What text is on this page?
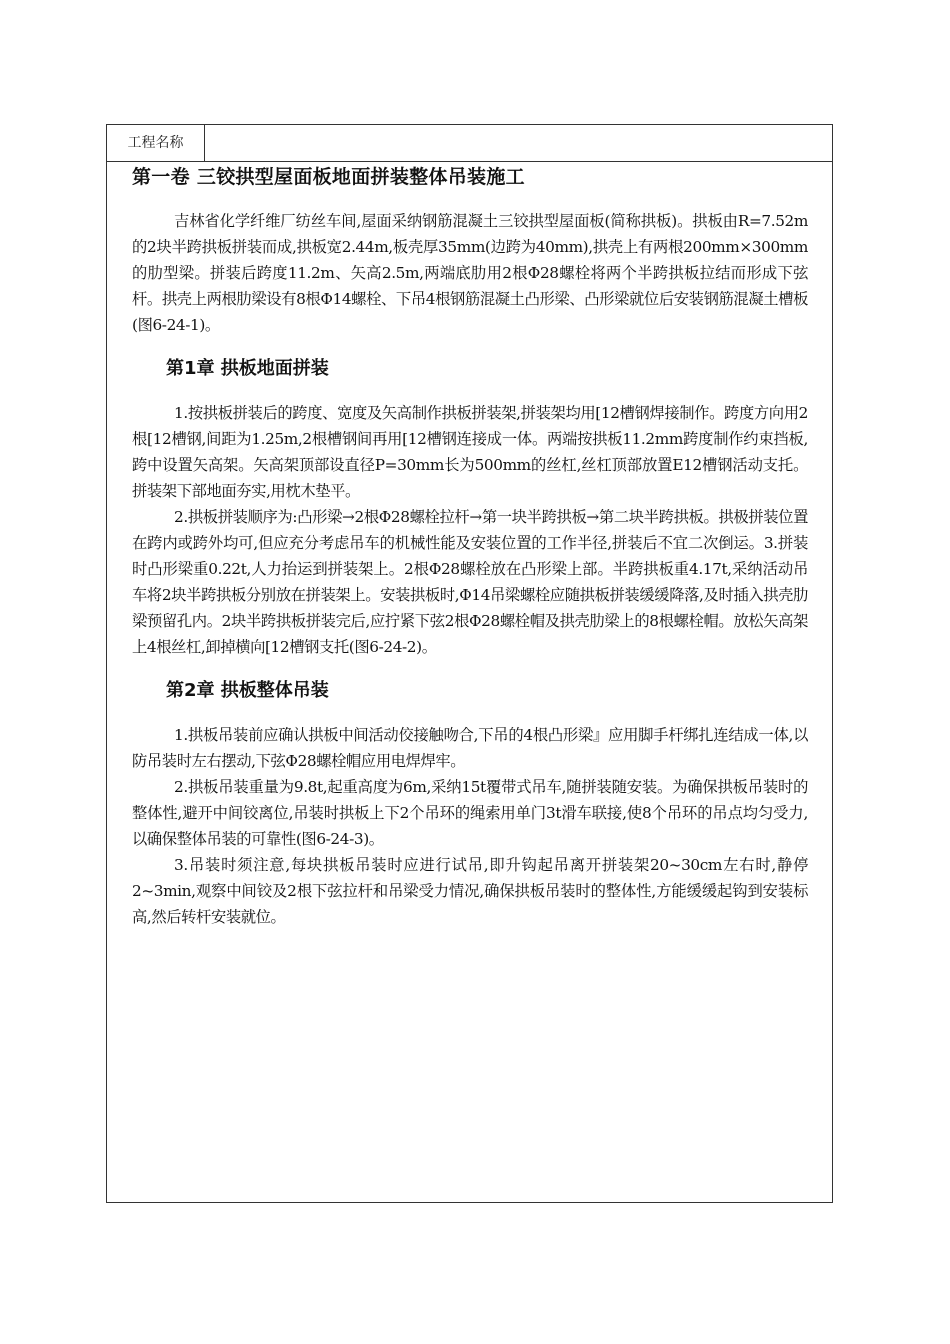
工程名称
第一卷 三铰拱型屋面板地面拼装整体吊装施工

吉林省化学纤维厂纺丝车间,屋面采纳钢筋混凝土三铰拱型屋面板(简称拱板)。拱板由R=7.52m的2块半跨拱板拼装而成,拱板宽2.44m,板壳厚35mm(边跨为40mm),拱壳上有两根200mm×300mm的肋型梁。拼装后跨度11.2m、矢高2.5m,两端底肋用2根Φ28螺栓将两个半跨拱板拉结而形成下弦杆。拱壳上两根肋梁设有8根Φ14螺栓、下吊4根钢筋混凝土凸形梁、凸形梁就位后安装钢筋混凝土槽板(图6-24-1)。

第1章 拱板地面拼装

1.按拱板拼装后的跨度、宽度及矢高制作拱板拼装架,拼装架均用[12槽钢焊接制作。跨度方向用2根[12槽钢,间距为1.25m,2根槽钢间再用[12槽钢连接成一体。两端按拱板11.2mm跨度制作约束挡板,跨中设置矢高架。矢高架顶部设直径P=30mm长为500mm的丝杠,丝杠顶部放置E12槽钢活动支托。拼装架下部地面夯实,用枕木垫平。

2.拱板拼装顺序为:凸形梁→2根Φ28螺栓拉杆→第一块半跨拱板→第二块半跨拱板。拱极拼装位置在跨内或跨外均可,但应充分考虑吊车的机械性能及安装位置的工作半径,拼装后不宜二次倒运。3.拼装时凸形梁重0.22t,人力抬运到拼装架上。2根Φ28螺栓放在凸形梁上部。半跨拱板重4.17t,采纳活动吊车将2块半跨拱板分别放在拼装架上。安装拱板时,Φ14吊梁螺栓应随拱板拼装缓缓降落,及时插入拱壳肋梁预留孔内。2块半跨拱板拼装完后,应拧紧下弦2根Φ28螺栓帽及拱壳肋梁上的8根螺栓帽。放松矢高架上4根丝杠,卸掉横向[12槽钢支托(图6-24-2)。

第2章 拱板整体吊装

1.拱板吊装前应确认拱板中间活动佼接触吻合,下吊的4根凸形梁』应用脚手杆绑扎连结成一体,以防吊装时左右摆动,下弦Φ28螺栓帽应用电焊焊牢。

2.拱板吊装重量为9.8t,起重高度为6m,采纳15t覆带式吊车,随拼装随安装。为确保拱板吊装时的整体性,避开中间铰离位,吊装时拱板上下2个吊环的绳索用单门3t滑车联接,使8个吊环的吊点均匀受力,以确保整体吊装的可靠性(图6-24-3)。

3.吊装时须注意,每块拱板吊装时应进行试吊,即升钩起吊离开拼装架20~30cm左右时,静停2~3min,观察中间铰及2根下弦拉杆和吊梁受力情况,确保拱板吊装时的整体性,方能缓缓起钩到安装标高,然后转杆安装就位。
